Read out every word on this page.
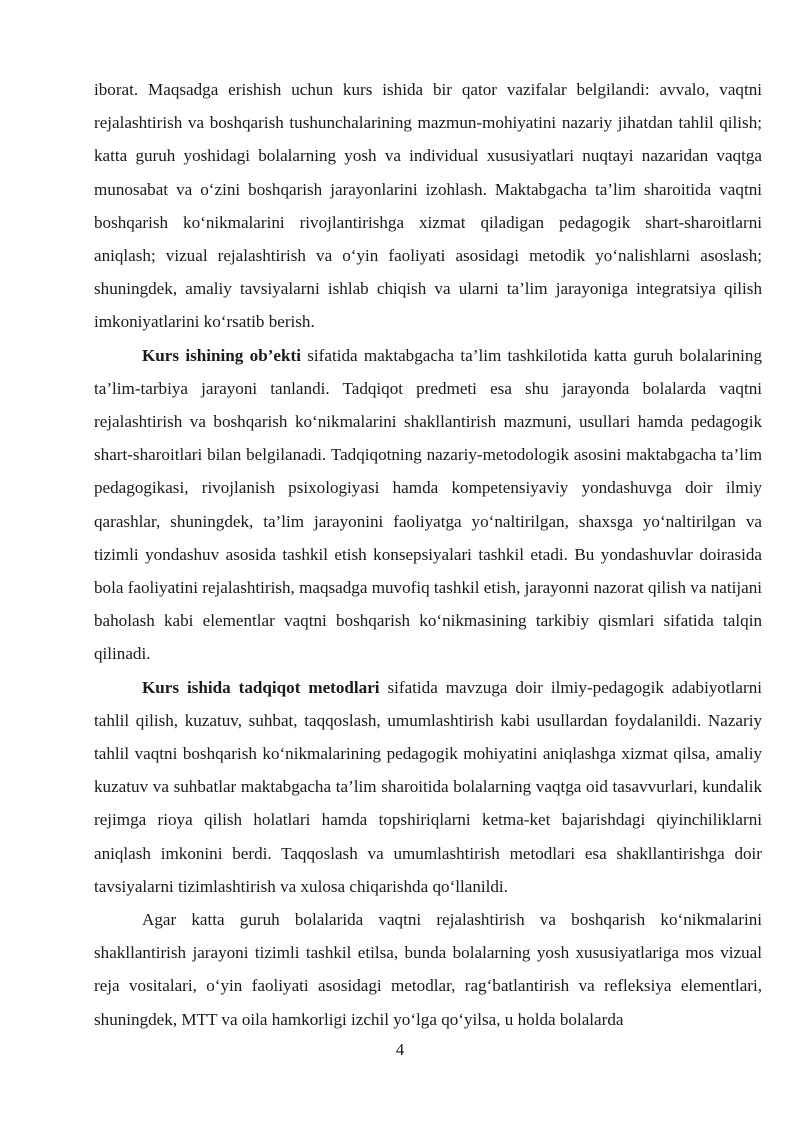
iborat. Maqsadga erishish uchun kurs ishida bir qator vazifalar belgilandi: avvalo, vaqtni rejalashtirish va boshqarish tushunchalarining mazmun-mohiyatini nazariy jihatdan tahlil qilish; katta guruh yoshidagi bolalarning yosh va individual xususiyatlari nuqtayi nazaridan vaqtga munosabat va o‘zini boshqarish jarayonlarini izohlash. Maktabgacha ta’lim sharoitida vaqtni boshqarish ko‘nikmalarini rivojlantirishga xizmat qiladigan pedagogik shart-sharoitlarni aniqlash; vizual rejalashtirish va o‘yin faoliyati asosidagi metodik yo‘nalishlarni asoslash; shuningdek, amaliy tavsiyalarni ishlab chiqish va ularni ta’lim jarayoniga integratsiya qilish imkoniyatlarini ko‘rsatib berish.

Kurs ishining ob’ekti sifatida maktabgacha ta’lim tashkilotida katta guruh bolalarining ta’lim-tarbiya jarayoni tanlandi. Tadqiqot predmeti esa shu jarayonda bolalarda vaqtni rejalashtirish va boshqarish ko‘nikmalarini shakllantirish mazmuni, usullari hamda pedagogik shart-sharoitlari bilan belgilanadi. Tadqiqotning nazariy-metodologik asosini maktabgacha ta’lim pedagogikasi, rivojlanish psixologiyasi hamda kompetensiyaviy yondashuvga doir ilmiy qarashlar, shuningdek, ta’lim jarayonini faoliyatga yo‘naltirilgan, shaxsga yo‘naltirilgan va tizimli yondashuv asosida tashkil etish konsepsiyalari tashkil etadi. Bu yondashuvlar doirasida bola faoliyatini rejalashtirish, maqsadga muvofiq tashkil etish, jarayonni nazorat qilish va natijani baholash kabi elementlar vaqtni boshqarish ko‘nikmasining tarkibiy qismlari sifatida talqin qilinadi.

Kurs ishida tadqiqot metodlari sifatida mavzuga doir ilmiy-pedagogik adabiyotlarni tahlil qilish, kuzatuv, suhbat, taqqoslash, umumlashtirish kabi usullardan foydalanildi. Nazariy tahlil vaqtni boshqarish ko‘nikmalarining pedagogik mohiyatini aniqlashga xizmat qilsa, amaliy kuzatuv va suhbatlar maktabgacha ta’lim sharoitida bolalarning vaqtga oid tasavvurlari, kundalik rejimga rioya qilish holatlari hamda topshiriqlarni ketma-ket bajarishdagi qiyinchiliklarni aniqlash imkonini berdi. Taqqoslash va umumlashtirish metodlari esa shakllantirishga doir tavsiyalarni tizimlashtirish va xulosa chiqarishda qo‘llanildi.

Agar katta guruh bolalarida vaqtni rejalashtirish va boshqarish ko‘nikmalarini shakllantirish jarayoni tizimli tashkil etilsa, bunda bolalarning yosh xususiyatlariga mos vizual reja vositalari, o‘yin faoliyati asosidagi metodlar, rag‘batlantirish va refleksiya elementlari, shuningdek, MTT va oila hamkorligi izchil yo‘lga qo‘yilsa, u holda bolalarda

4
